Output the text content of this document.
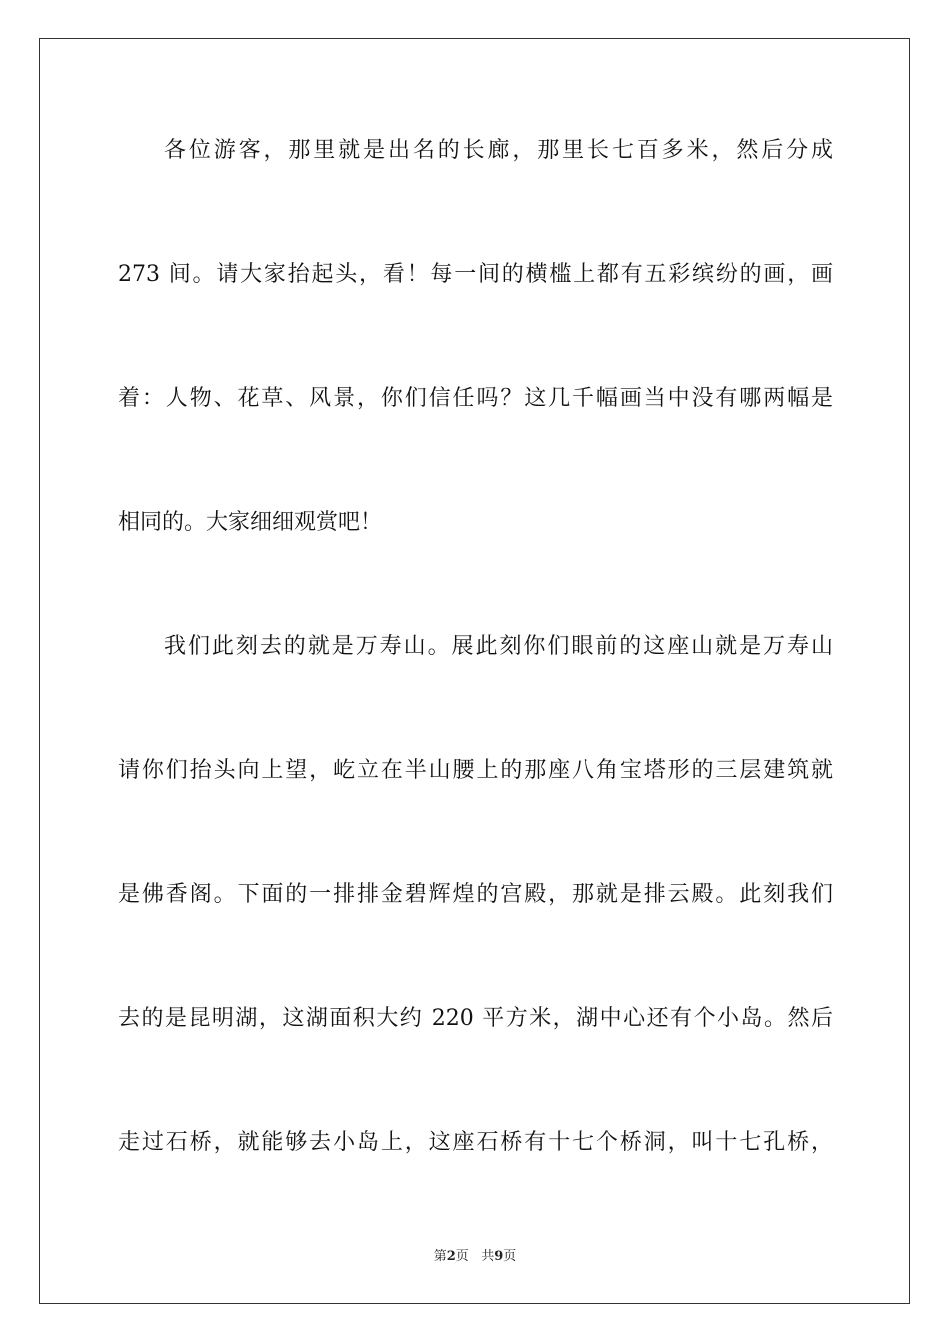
各位游客，那里就是出名的长廊，那里长七百多米，然后分成
273 间。请大家抬起头，看！每一间的横槛上都有五彩缤纷的画，画
着：人物、花草、风景，你们信任吗？这几千幅画当中没有哪两幅是
相同的。大家细细观赏吧！
我们此刻去的就是万寿山。展此刻你们眼前的这座山就是万寿山
请你们抬头向上望，屹立在半山腰上的那座八角宝塔形的三层建筑就
是佛香阁。下面的一排排金碧辉煌的宫殿，那就是排云殿。此刻我们
去的是昆明湖，这湖面积大约 220 平方米，湖中心还有个小岛。然后
走过石桥，就能够去小岛上，这座石桥有十七个桥洞，叫十七孔桥，
第2页 共9页
